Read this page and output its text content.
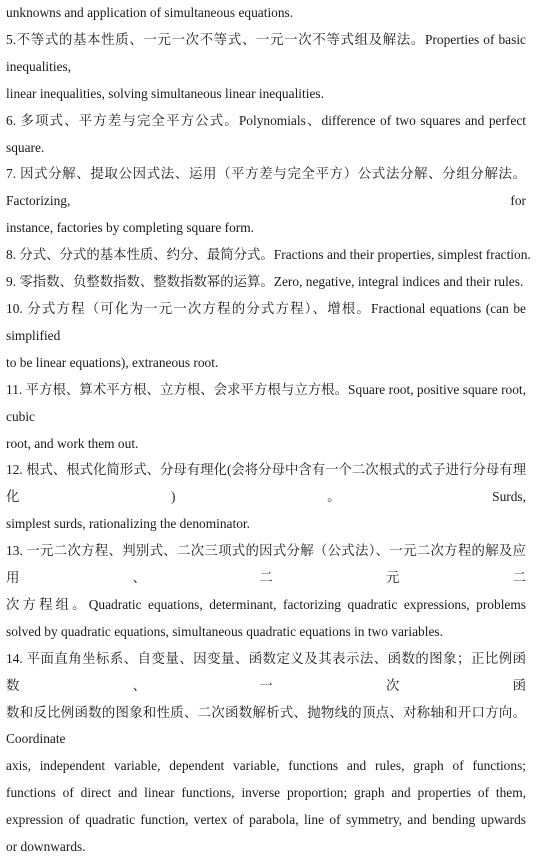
unknowns and application of simultaneous equations.
5.不等式的基本性质、一元一次不等式、一元一次不等式组及解法。Properties of basic inequalities,
linear inequalities, solving simultaneous linear inequalities.
6. 多项式、平方差与完全平方公式。Polynomials、difference of two squares and perfect square.
7. 因式分解、提取公因式法、运用（平方差与完全平方）公式法分解、分组分解法。Factorizing, for
instance, factories by completing square form.
8. 分式、分式的基本性质、约分、最简分式。Fractions and their properties, simplest fraction.
9. 零指数、负整数指数、整数指数幂的运算。Zero, negative, integral indices and their rules.
10. 分式方程（可化为一元一次方程的分式方程）、增根。Fractional equations (can be simplified
to be linear equations), extraneous root.
11. 平方根、算术平方根、立方根、会求平方根与立方根。Square root, positive square root, cubic
root, and work them out.
12. 根式、根式化简形式、分母有理化(会将分母中含有一个二次根式的式子进行分母有理化)。Surds,
simplest surds, rationalizing the denominator.
13. 一元二次方程、判别式、二次三项式的因式分解（公式法）、一元二次方程的解及应用、二元二
次方程组。Quadratic equations, determinant, factorizing quadratic expressions, problems
solved by quadratic equations, simultaneous quadratic equations in two variables.
14. 平面直角坐标系、自变量、因变量、函数定义及其表示法、函数的图象；正比例函数、一次函
数和反比例函数的图象和性质、二次函数解析式、抛物线的顶点、对称轴和开口方向。 Coordinate
axis, independent variable, dependent variable, functions and rules, graph of functions;
functions of direct and linear functions, inverse proportion; graph and properties of them,
expression of quadratic function, vertex of parabola, line of symmetry, and bending upwards
or downwards.
